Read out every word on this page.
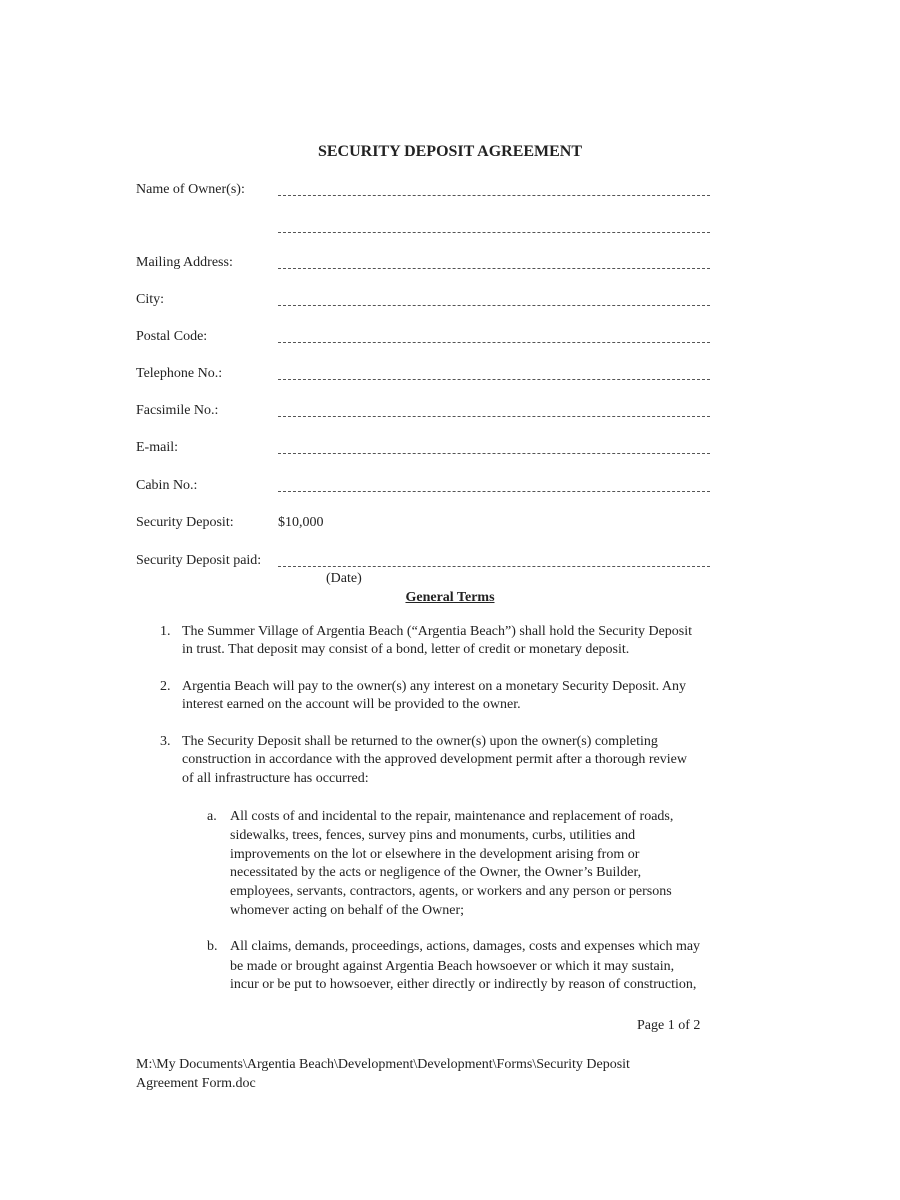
SECURITY DEPOSIT AGREEMENT
Name of Owner(s):
Mailing Address:
City:
Postal Code:
Telephone No.:
Facsimile No.:
E-mail:
Cabin No.:
Security Deposit:	$10,000
Security Deposit paid:
(Date)
General Terms
1. The Summer Village of Argentia Beach (“Argentia Beach”) shall hold the Security Deposit
in trust. That deposit may consist of a bond, letter of credit or monetary deposit.
2. Argentia Beach will pay to the owner(s) any interest on a monetary Security Deposit. Any
interest earned on the account will be provided to the owner.
3. The Security Deposit shall be returned to the owner(s) upon the owner(s) completing
construction in accordance with the approved development permit after a thorough review
of all infrastructure has occurred:
a. All costs of and incidental to the repair, maintenance and replacement of roads,
sidewalks, trees, fences, survey pins and monuments, curbs, utilities and
improvements on the lot or elsewhere in the development arising from or
necessitated by the acts or negligence of the Owner, the Owner’s Builder,
employees, servants, contractors, agents, or workers and any person or persons
whomever acting on behalf of the Owner;
b. All claims, demands, proceedings, actions, damages, costs and expenses which may
be made or brought against Argentia Beach howsoever or which it may sustain,
incur or be put to howsoever, either directly or indirectly by reason of construction,
Page 1 of 2
M:\My Documents\Argentia Beach\Development\Development\Forms\Security Deposit
Agreement Form.doc
